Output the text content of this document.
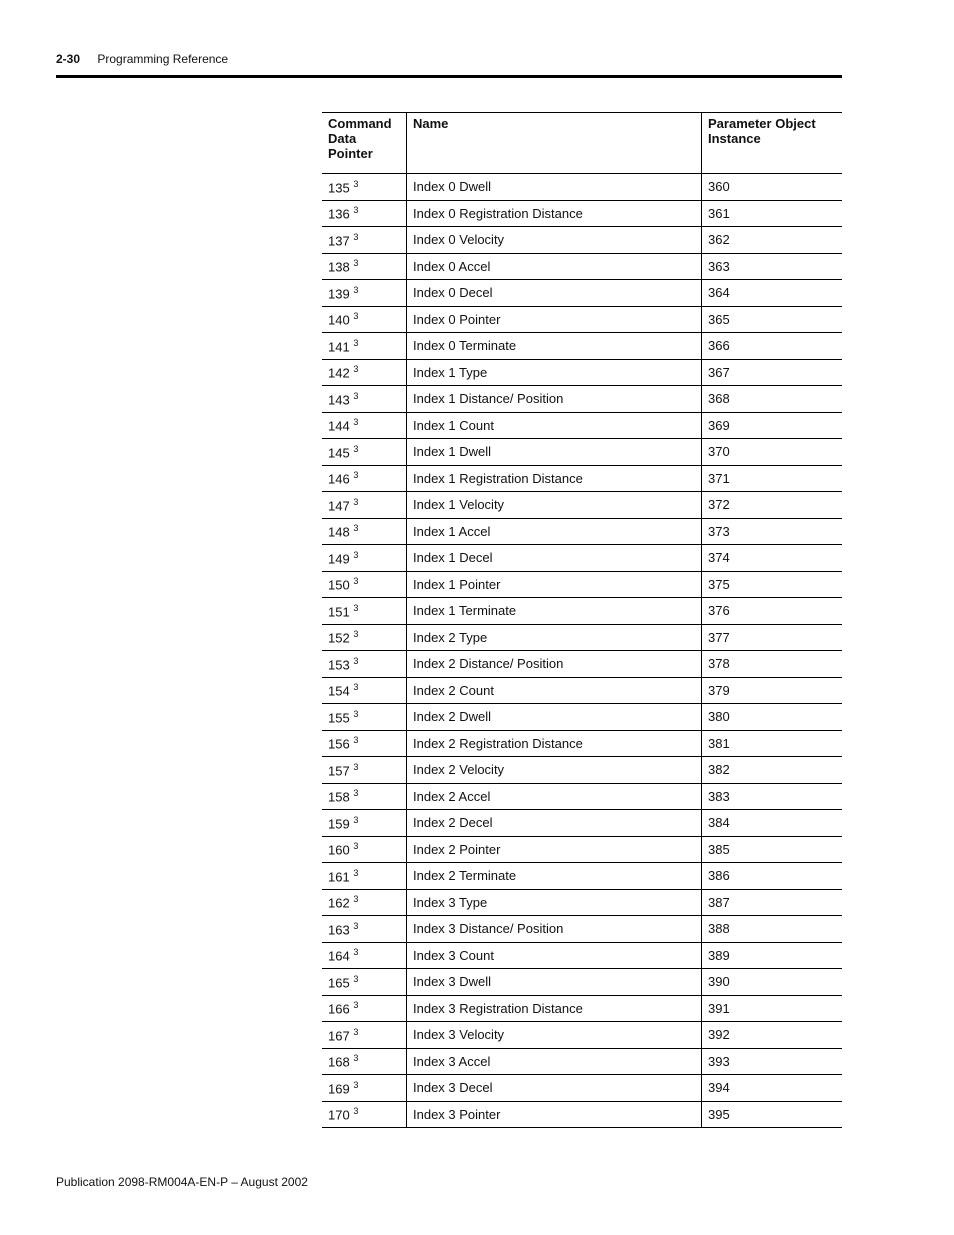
2-30 Programming Reference
Command
Data
Pointer	Name	Parameter Object
Instance
135 $^3$	Index 0 Dwell	360
136 $^3$	Index 0 Registration Distance	361
137 $^3$	Index 0 Velocity	362
138 $^3$	Index 0 Accel	363
139 $^3$	Index 0 Decel	364
140 $^3$	Index 0 Pointer	365
141 $^3$	Index 0 Terminate	366
142 $^3$	Index 1 Type	367
143 $^3$	Index 1 Distance/ Position	368
144 $^3$	Index 1 Count	369
145 $^3$	Index 1 Dwell	370
146 $^3$	Index 1 Registration Distance	371
147 $^3$	Index 1 Velocity	372
148 $^3$	Index 1 Accel	373
149 $^3$	Index 1 Decel	374
150 $^3$	Index 1 Pointer	375
151 $^3$	Index 1 Terminate	376
152 $^3$	Index 2 Type	377
153 $^3$	Index 2 Distance/ Position	378
154 $^3$	Index 2 Count	379
155 $^3$	Index 2 Dwell	380
156 $^3$	Index 2 Registration Distance	381
157 $^3$	Index 2 Velocity	382
158 $^3$	Index 2 Accel	383
159 $^3$	Index 2 Decel	384
160 $^3$	Index 2 Pointer	385
161 $^3$	Index 2 Terminate	386
162 $^3$	Index 3 Type	387
163 $^3$	Index 3 Distance/ Position	388
164 $^3$	Index 3 Count	389
165 $^3$	Index 3 Dwell	390
166 $^3$	Index 3 Registration Distance	391
167 $^3$	Index 3 Velocity	392
168 $^3$	Index 3 Accel	393
169 $^3$	Index 3 Decel	394
170 $^3$	Index 3 Pointer	395
Publication 2098-RM004A-EN-P – August 2002
